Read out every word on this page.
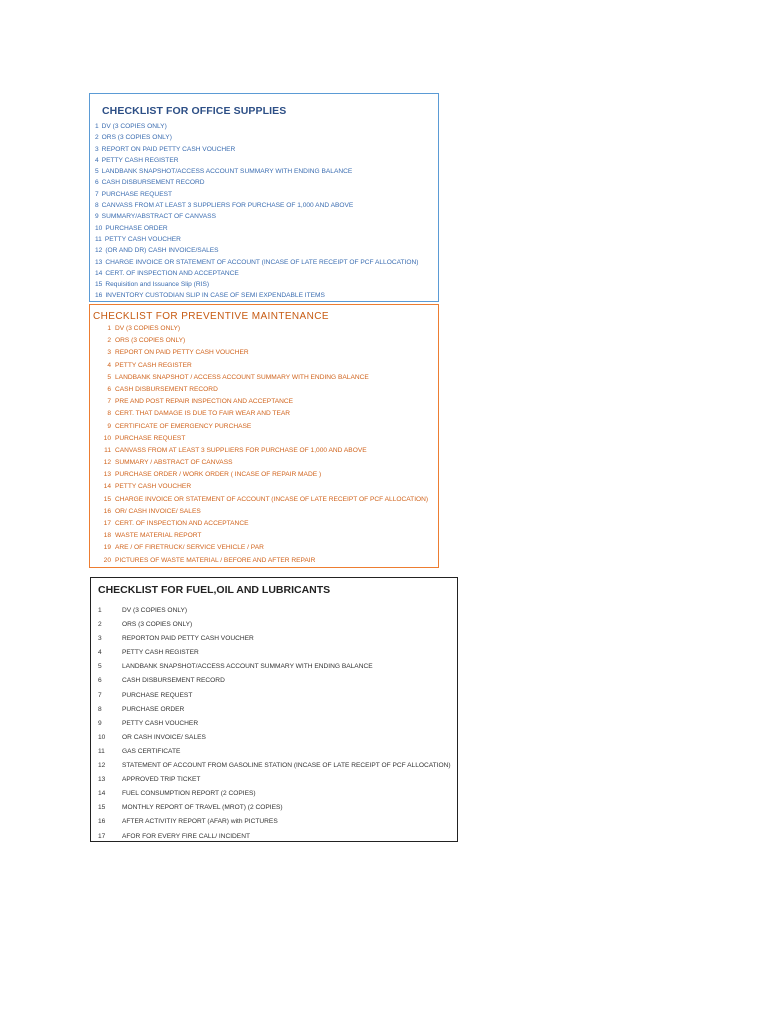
CHECKLIST FOR OFFICE SUPPLIES
1 DV (3 COPIES ONLY)
2 ORS (3 COPIES ONLY)
3 REPORT ON PAID PETTY CASH VOUCHER
4 PETTY CASH REGISTER
5 LANDBANK SNAPSHOT/ACCESS ACCOUNT SUMMARY WITH ENDING BALANCE
6 CASH DISBURSEMENT RECORD
7 PURCHASE REQUEST
8 CANVASS FROM AT LEAST 3 SUPPLIERS FOR PURCHASE OF 1,000 AND ABOVE
9 SUMMARY/ABSTRACT OF CANVASS
10 PURCHASE ORDER
11 PETTY CASH VOUCHER
12 (OR AND DR) CASH INVOICE/SALES
13 CHARGE INVOICE OR STATEMENT OF ACCOUNT (INCASE OF LATE RECEIPT OF PCF ALLOCATION)
14 CERT. OF INSPECTION AND ACCEPTANCE
15 Requisition and Issuance Slip (RIS)
16 INVENTORY CUSTODIAN SLIP IN CASE OF SEMI EXPENDABLE ITEMS
CHECKLIST FOR PREVENTIVE MAINTENANCE
1 DV (3 COPIES ONLY)
2 ORS (3 COPIES ONLY)
3 REPORT ON PAID PETTY CASH VOUCHER
4 PETTY CASH REGISTER
5 LANDBANK SNAPSHOT / ACCESS ACCOUNT SUMMARY WITH ENDING BALANCE
6 CASH DISBURSEMENT RECORD
7 PRE AND POST REPAIR INSPECTION AND ACCEPTANCE
8 CERT. THAT DAMAGE IS DUE TO FAIR WEAR AND TEAR
9 CERTIFICATE OF EMERGENCY PURCHASE
10 PURCHASE REQUEST
11 CANVASS FROM AT LEAST 3 SUPPLIERS FOR PURCHASE OF 1,000 AND ABOVE
12 SUMMARY / ABSTRACT OF CANVASS
13 PURCHASE ORDER / WORK ORDER ( INCASE OF REPAIR MADE )
14 PETTY CASH VOUCHER
15 CHARGE INVOICE OR STATEMENT OF ACCOUNT (INCASE OF LATE RECEIPT OF PCF ALLOCATION)
16 OR/ CASH INVOICE/ SALES
17 CERT. OF INSPECTION AND ACCEPTANCE
18 WASTE MATERIAL REPORT
19 ARE / OF FIRETRUCK/ SERVICE VEHICLE / PAR
20 PICTURES OF WASTE MATERIAL / BEFORE AND AFTER REPAIR
CHECKLIST FOR FUEL,OIL AND LUBRICANTS
1	DV (3 COPIES ONLY)
2	ORS (3 COPIES ONLY)
3	REPORTON PAID PETTY CASH VOUCHER
4	PETTY CASH REGISTER
5	LANDBANK SNAPSHOT/ACCESS ACCOUNT SUMMARY WITH ENDING BALANCE
6	CASH DISBURSEMENT RECORD
7	PURCHASE REQUEST
8	PURCHASE ORDER
9	PETTY CASH VOUCHER
10	OR CASH INVOICE/ SALES
11	GAS CERTIFICATE
12	STATEMENT OF ACCOUNT FROM GASOLINE STATION (INCASE OF LATE RECEIPT OF PCF ALLOCATION)
13	APPROVED TRIP TICKET
14	FUEL CONSUMPTION REPORT (2 COPIES)
15	MONTHLY REPORT OF TRAVEL (MROT) (2 COPIES)
16	AFTER ACTIVITIY REPORT (AFAR) with PICTURES
17	AFOR FOR EVERY FIRE CALL/ INCIDENT
